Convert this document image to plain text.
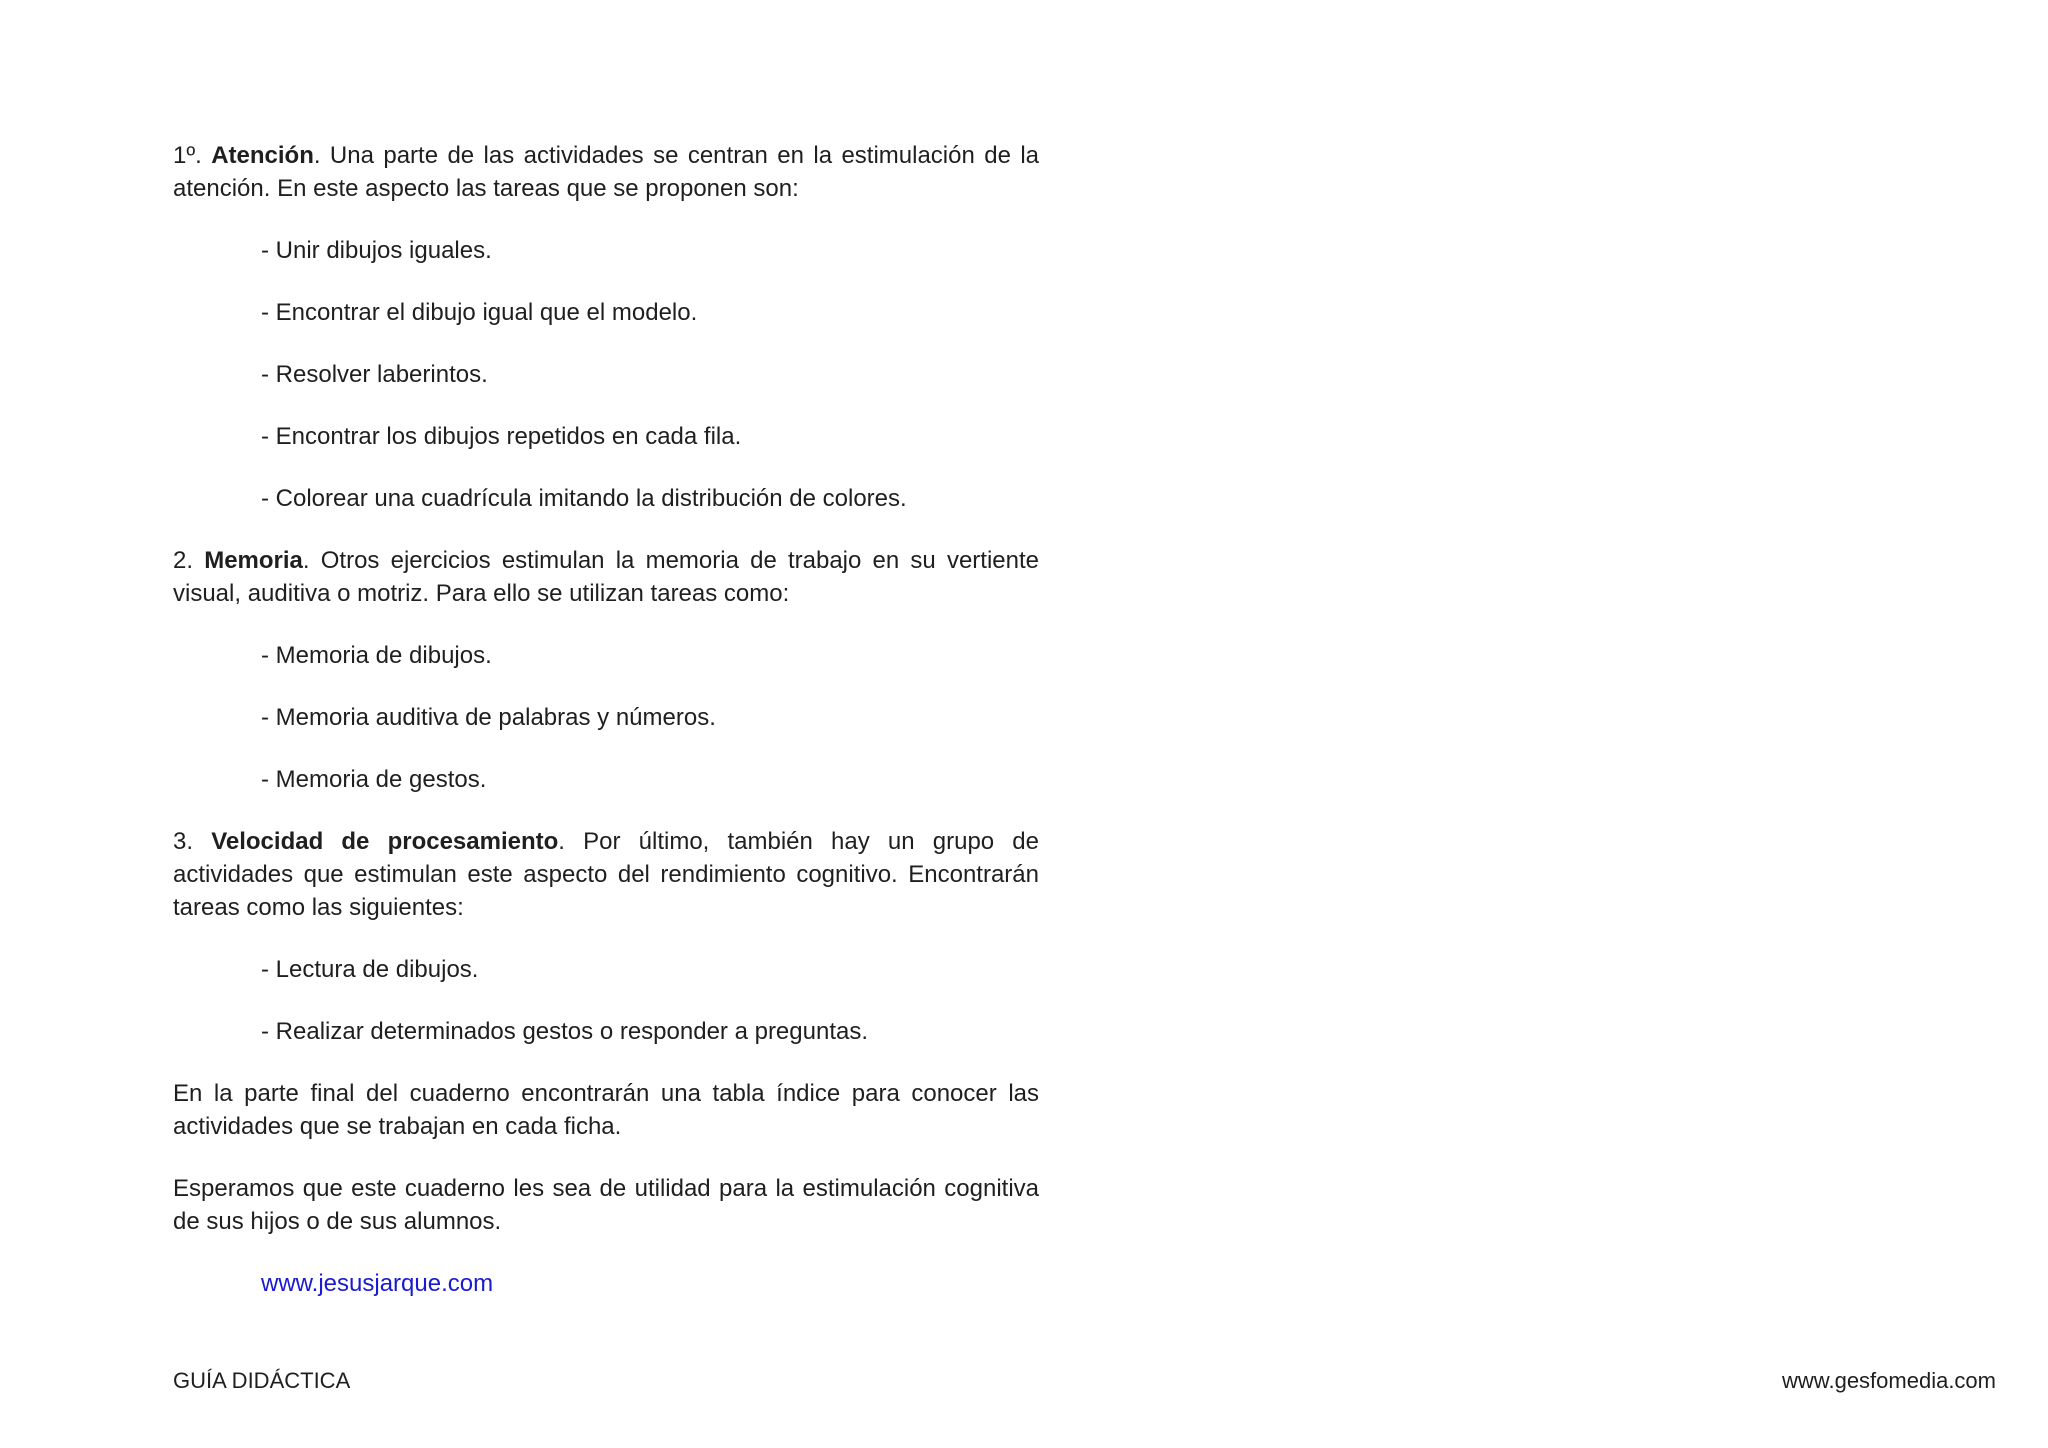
1º. Atención. Una parte de las actividades se centran en la estimulación de la atención. En este aspecto las tareas que se proponen son:

- Unir dibujos iguales.
- Encontrar el dibujo igual que el modelo.
- Resolver laberintos.
- Encontrar los dibujos repetidos en cada fila.
- Colorear una cuadrícula imitando la distribución de colores.

2. Memoria. Otros ejercicios estimulan la memoria de trabajo en su vertiente visual, auditiva o motriz. Para ello se utilizan tareas como:

- Memoria de dibujos.
- Memoria auditiva de palabras y números.
- Memoria de gestos.

3. Velocidad de procesamiento. Por último, también hay un grupo de actividades que estimulan este aspecto del rendimiento cognitivo. Encontrarán tareas como las siguientes:

- Lectura de dibujos.
- Realizar determinados gestos o responder a preguntas.

En la parte final del cuaderno encontrarán una tabla índice para conocer las actividades que se trabajan en cada ficha.

Esperamos que este cuaderno les sea de utilidad para la estimulación cognitiva de sus hijos o de sus alumnos.

www.jesusjarque.com
GUÍA DIDÁCTICA	www.gesfomedia.com
